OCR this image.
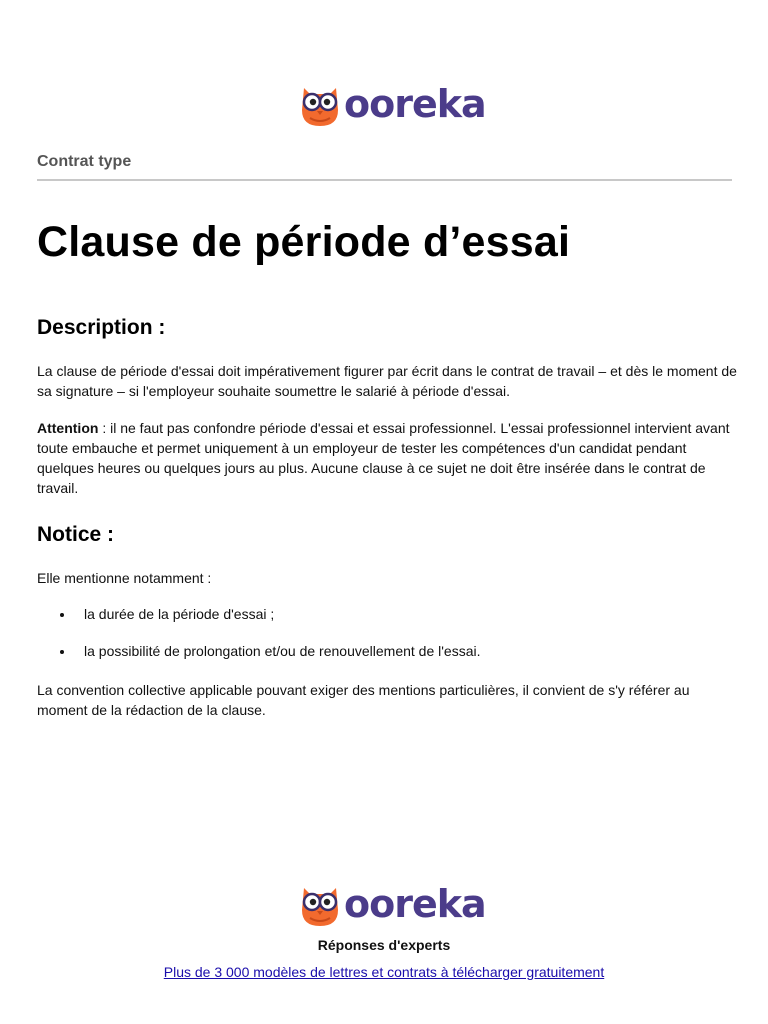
ooreka
Contrat type
Clause de période d’essai
Description :

La clause de période d'essai doit impérativement figurer par écrit dans le contrat de travail – et dès le moment de sa signature – si l'employeur souhaite soumettre le salarié à période d'essai.

Attention : il ne faut pas confondre période d'essai et essai professionnel. L'essai professionnel intervient avant toute embauche et permet uniquement à un employeur de tester les compétences d'un candidat pendant quelques heures ou quelques jours au plus. Aucune clause à ce sujet ne doit être insérée dans le contrat de travail.

Notice :

Elle mentionne notamment :

la durée de la période d'essai ;
la possibilité de prolongation et/ou de renouvellement de l'essai.

La convention collective applicable pouvant exiger des mentions particulières, il convient de s'y référer au moment de la rédaction de la clause.

ooreka
Réponses d'experts
Plus de 3 000 modèles de lettres et contrats à télécharger gratuitement
